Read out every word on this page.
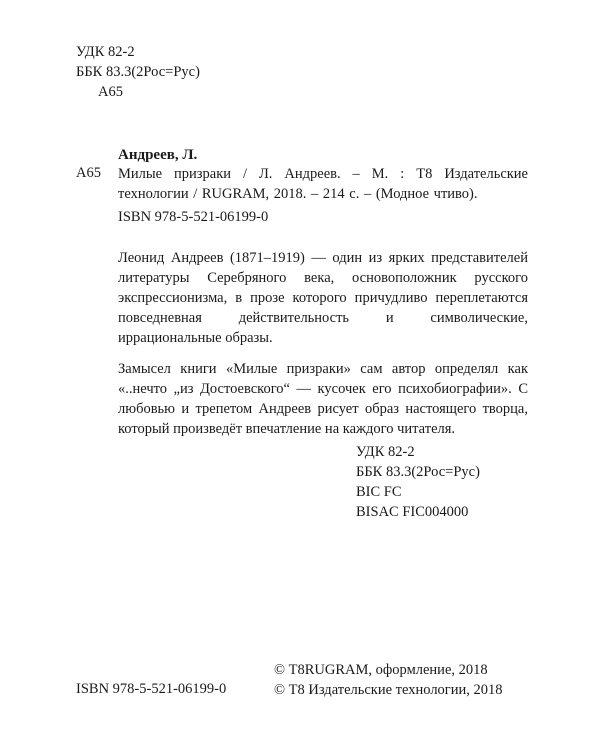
УДК 82-2
ББК 83.3(2Рос=Рус)
А65
Андреев, Л.
А65 Милые призраки / Л. Андреев. – М. : Т8 Издательские технологии / RUGRAM, 2018. – 214 с. – (Модное чтиво).
ISBN 978-5-521-06199-0

Леонид Андреев (1871–1919) — один из ярких представителей литературы Серебряного века, основоположник русского экспрессионизма, в прозе которого причудливо переплетаются повседневная действительность и символические, иррациональные образы.

Замысел книги «Милые призраки» сам автор определял как «..нечто „из Достоевского“ — кусочек его психобиографии». С любовью и трепетом Андреев рисует образ настоящего творца, который произведёт впечатление на каждого читателя.

УДК 82-2
ББК 83.3(2Рос=Рус)
BIC FC
BISAC FIC004000
© Т8RUGRAM, оформление, 2018
© Т8 Издательские технологии, 2018
ISBN 978-5-521-06199-0
